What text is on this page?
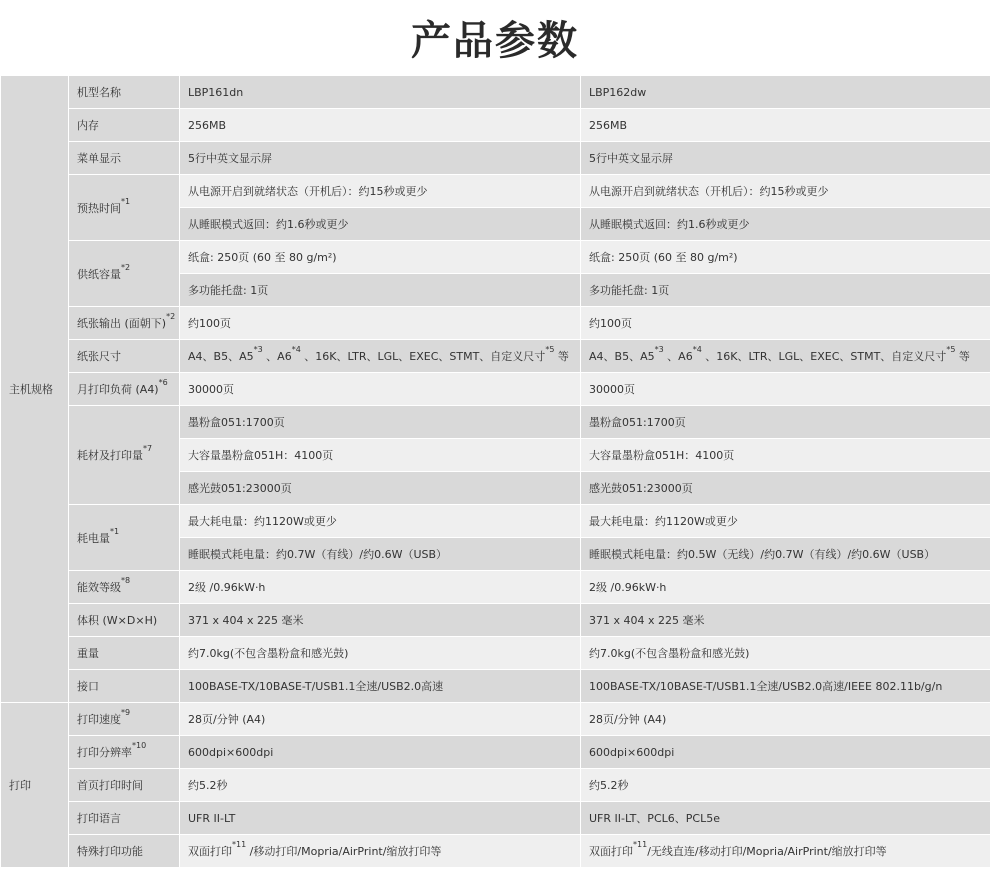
产品参数
主机规格	机型名称	LBP161dn	LBP162dw
	内存	256MB	256MB
	菜单显示	5行中英文显示屏	5行中英文显示屏
	预热时间$^{*1}$	从电源开启到就绪状态（开机后）：约15秒或更少	从电源开启到就绪状态（开机后）：约15秒或更少
		从睡眠模式返回：约1.6秒或更少	从睡眠模式返回：约1.6秒或更少
	供纸容量$^{*2}$	纸盒: 250页 (60 至 80 g/m²)	纸盒: 250页 (60 至 80 g/m²)
		多功能托盘: 1页	多功能托盘: 1页
	纸张输出 (面朝下)$^{*2}$	约100页	约100页
	纸张尺寸	A4、B5、A5$^{*3}$ 、A6$^{*4}$ 、16K、LTR、LGL、EXEC、STMT、自定义尺寸$^{*5}$ 等	A4、B5、A5$^{*3}$ 、A6$^{*4}$ 、16K、LTR、LGL、EXEC、STMT、自定义尺寸$^{*5}$ 等
	月打印负荷 $(A4)^{*6}$	30000页	30000页
	耗材及打印量$^{*7}$	墨粉盒051:1700页	墨粉盒051:1700页
		大容量墨粉盒051H：4100页	大容量墨粉盒051H：4100页
		感光鼓051:23000页	感光鼓051:23000页
	耗电量$^{*1}$	最大耗电量：约1120W或更少	最大耗电量：约1120W或更少
		睡眠模式耗电量：约0.7W（有线）/约0.6W（USB）	睡眠模式耗电量：约0.5W（无线）/约0.7W（有线）/约0.6W（USB）
	能效等级$^{*8}$	2级 /0.96kW·h	2级 /0.96kW·h
	体积 (W×D×H)	371 x 404 x 225 毫米	371 x 404 x 225 毫米
	重量	约7.0kg(不包含墨粉盒和感光鼓)	约7.0kg(不包含墨粉盒和感光鼓)
	接口	100BASE-TX/10BASE-T/USB1.1全速/USB2.0高速	100BASE-TX/10BASE-T/USB1.1全速/USB2.0高速/IEEE 802.11b/g/n
打印	打印速度$^{*9}$	28页/分钟 (A4)	28页/分钟 (A4)
	打印分辨率$^{*10}$	600dpi×600dpi	600dpi×600dpi
	首页打印时间	约5.2秒	约5.2秒
	打印语言	UFR II-LT	UFR II-LT、PCL6、PCL5e
	特殊打印功能	双面打印$^{*11}$ /移动打印/Mopria/AirPrint/缩放打印等	双面打印$^{*11}$/无线直连/移动打印/Mopria/AirPrint/缩放打印等
